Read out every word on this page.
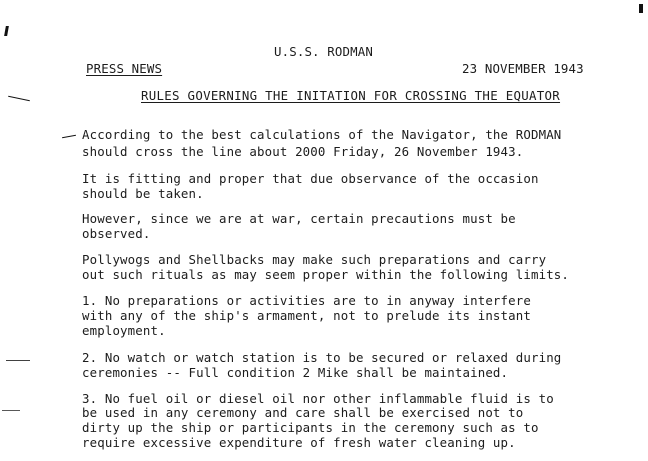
U.S.S. RODMAN
PRESS NEWS	23 NOVEMBER 1943
RULES GOVERNING THE INITATION FOR CROSSING THE EQUATOR
According to the best calculations of the Navigator, the RODMAN
should cross the line about 2000 Friday, 26 November 1943.
It is fitting and proper that due observance of the occasion
should be taken.
However, since we are at war, certain precautions must be
observed.
Pollywogs and Shellbacks may make such preparations and carry
out such rituals as may seem proper within the following limits.
1. No preparations or activities are to in anyway interfere
with any of the ship's armament, not to prelude its instant
employment.
2. No watch or watch station is to be secured or relaxed during
ceremonies -- Full condition 2 Mike shall be maintained.
3. No fuel oil or diesel oil nor other inflammable fluid is to
be used in any ceremony and care shall be exercised not to
dirty up the ship or participants in the ceremony such as to
require excessive expenditure of fresh water cleaning up.
